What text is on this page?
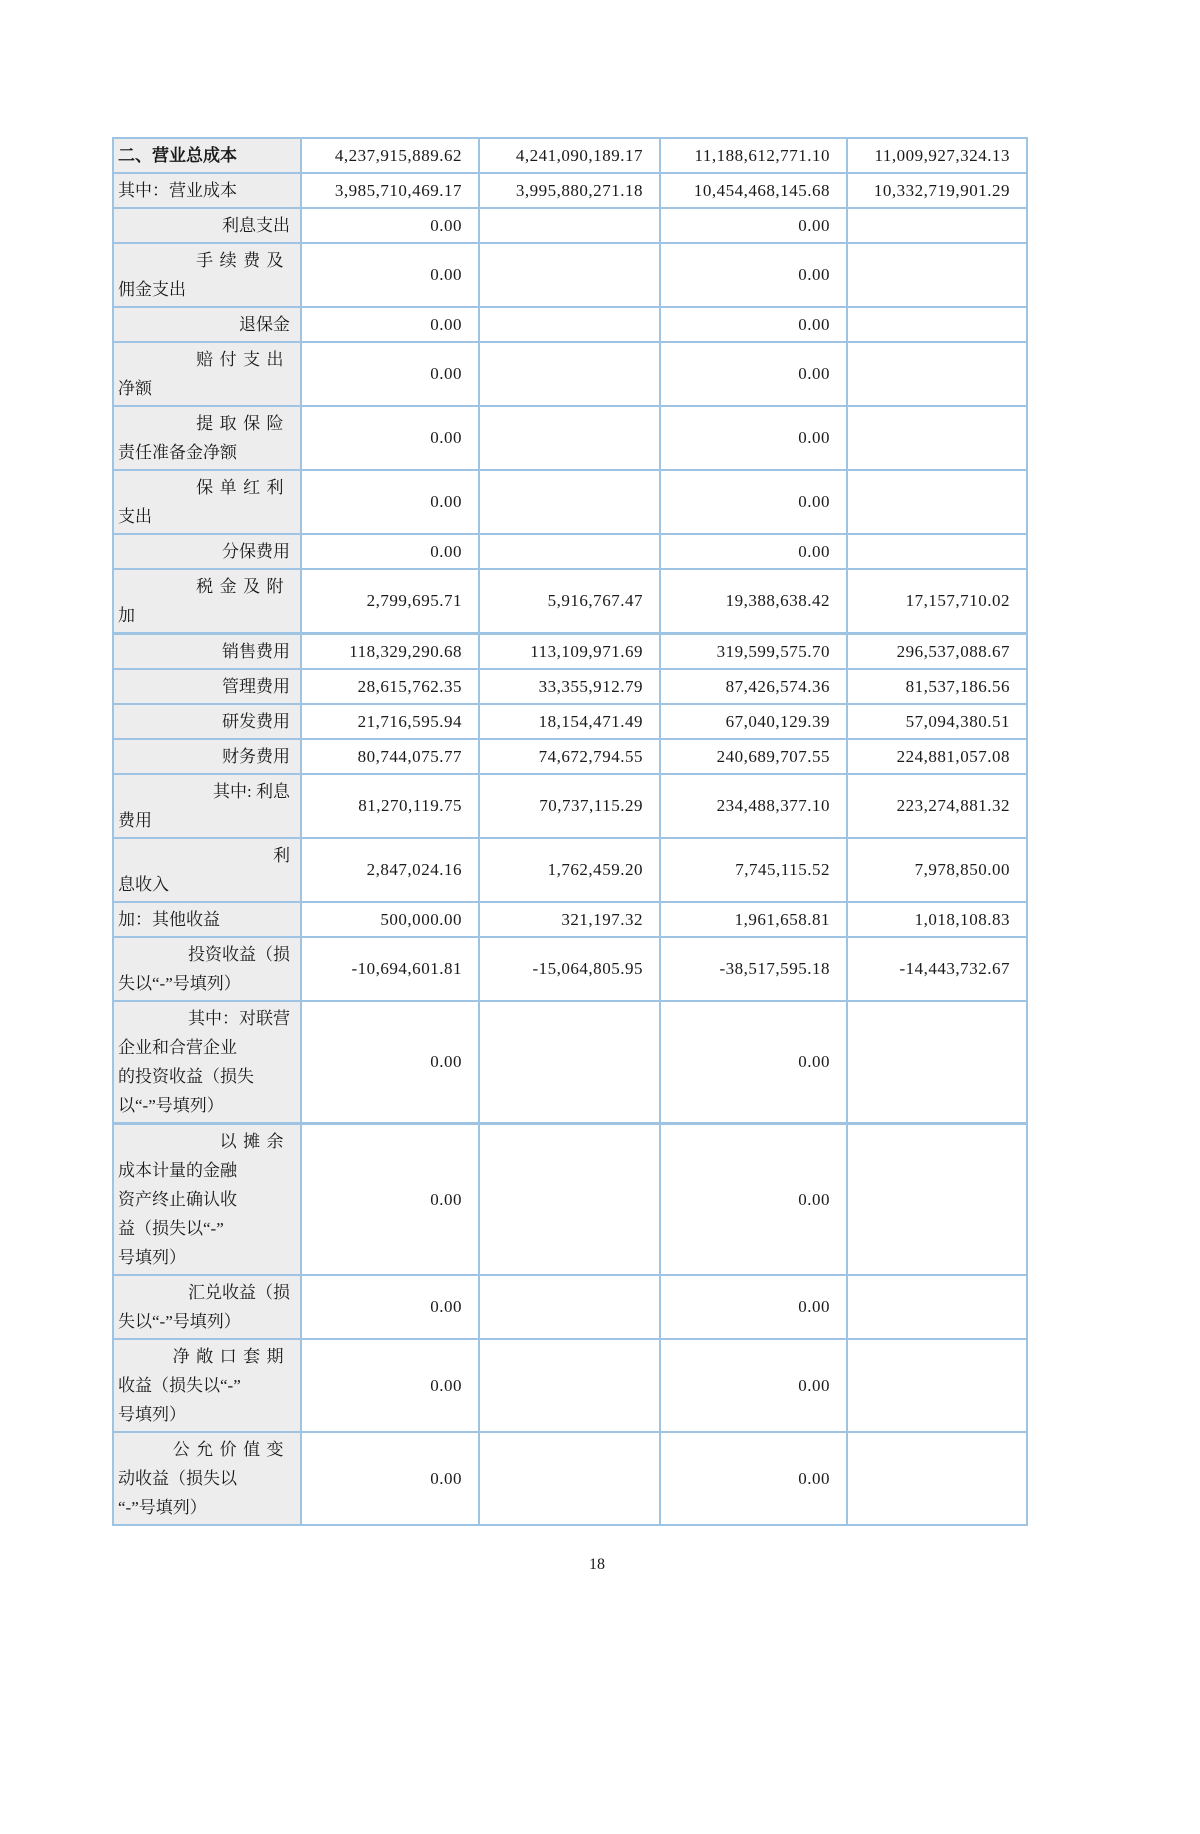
二、营业总成本	4,237,915,889.62	4,241,090,189.17	11,188,612,771.10	11,009,927,324.13

其中：营业成本	3,985,710,469.17	3,995,880,271.18	10,454,468,145.68	10,332,719,901.29

利息支出	0.00		0.00	

手续费及
佣金支出
	0.00		0.00	

退保金	0.00		0.00	

赔付支出
净额
	0.00		0.00	

提取保险
责任准备金净额
	0.00		0.00	

保单红利
支出
	0.00		0.00	

分保费用	0.00		0.00	

税金及附
加
	2,799,695.71	5,916,767.47	19,388,638.42	17,157,710.02

销售费用	118,329,290.68	113,109,971.69	319,599,575.70	296,537,088.67

管理费用	28,615,762.35	33,355,912.79	87,426,574.36	81,537,186.56

研发费用	21,716,595.94	18,154,471.49	67,040,129.39	57,094,380.51

财务费用	80,744,075.77	74,672,794.55	240,689,707.55	224,881,057.08

其中: 利息
费用
	81,270,119.75	70,737,115.29	234,488,377.10	223,274,881.32

利
息收入
	2,847,024.16	1,762,459.20	7,745,115.52	7,978,850.00

加：其他收益	500,000.00	321,197.32	1,961,658.81	1,018,108.83

投资收益（损
失以“-”号填列）
	-10,694,601.81	-15,064,805.95	-38,517,595.18	-14,443,732.67

其中：对联营
企业和合营企业
的投资收益（损失
以“-”号填列）
	0.00		0.00	

以摊余
成本计量的金融
资产终止确认收
益（损失以“-”
号填列）
	0.00		0.00	

汇兑收益（损
失以“-”号填列）
	0.00		0.00	

净敞口套期
收益（损失以“-”
号填列）
	0.00		0.00	

公允价值变
动收益（损失以
“-”号填列）
	0.00		0.00	
18
